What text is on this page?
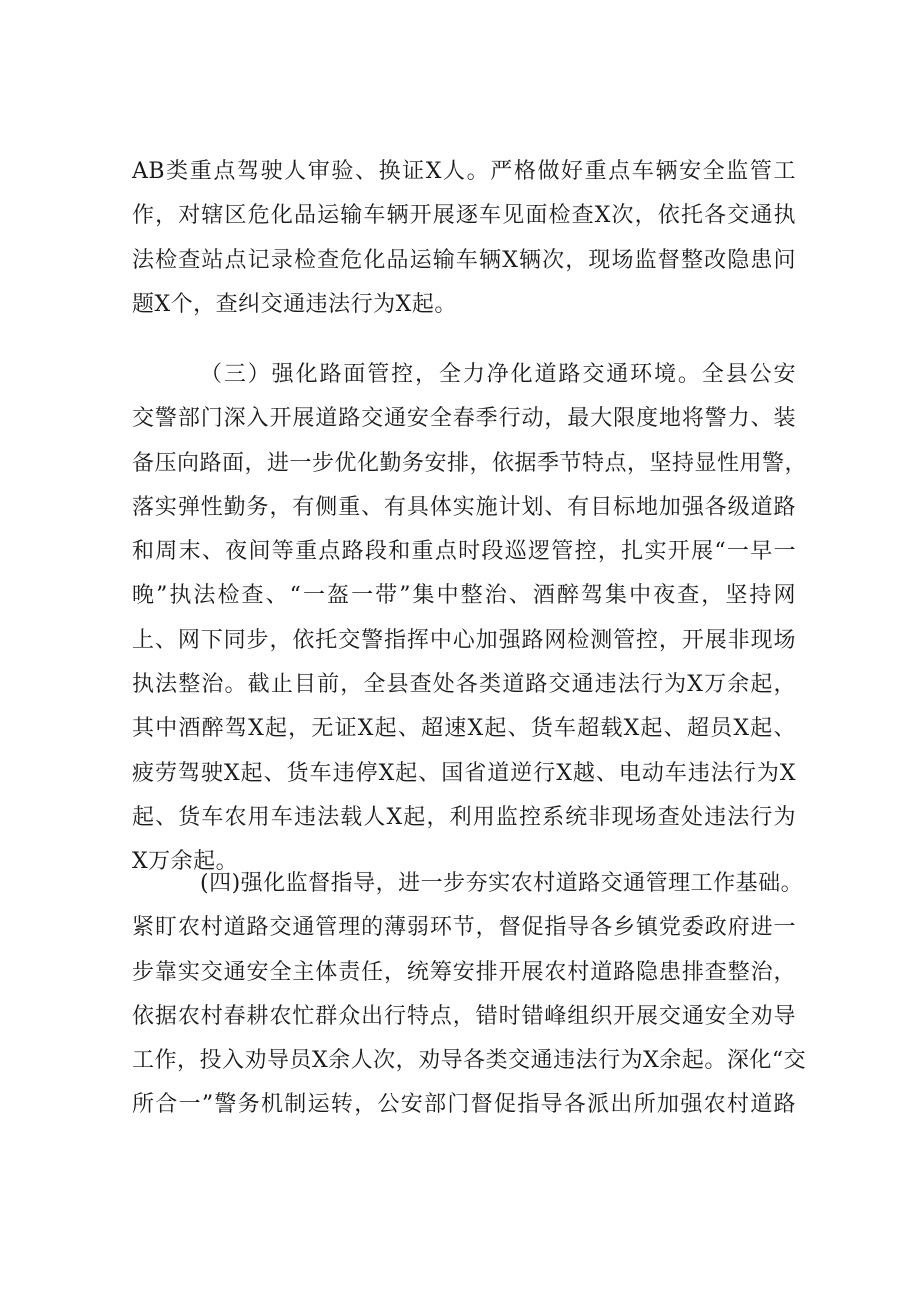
AB类重点驾驶人审验、换证X人。严格做好重点车辆安全监管工
作，对辖区危化品运输车辆开展逐车见面检查X次，依托各交通执
法检查站点记录检查危化品运输车辆X辆次，现场监督整改隐患问
题X个，查纠交通违法行为X起。
（三）强化路面管控，全力净化道路交通环境。全县公安
交警部门深入开展道路交通安全春季行动，最大限度地将警力、装
备压向路面，进一步优化勤务安排，依据季节特点，坚持显性用警，
落实弹性勤务，有侧重、有具体实施计划、有目标地加强各级道路
和周末、夜间等重点路段和重点时段巡逻管控，扎实开展“一早一
晚”执法检查、“一盔一带”集中整治、酒醉驾集中夜查，坚持网
上、网下同步，依托交警指挥中心加强路网检测管控，开展非现场
执法整治。截止目前，全县查处各类道路交通违法行为X万余起，
其中酒醉驾X起，无证X起、超速X起、货车超载X起、超员X起、
疲劳驾驶X起、货车违停X起、国省道逆行X越、电动车违法行为X
起、货车农用车违法载人X起，利用监控系统非现场查处违法行为
X万余起。
(四)强化监督指导，进一步夯实农村道路交通管理工作基础。
紧盯农村道路交通管理的薄弱环节，督促指导各乡镇党委政府进一
步靠实交通安全主体责任，统筹安排开展农村道路隐患排查整治，
依据农村春耕农忙群众出行特点，错时错峰组织开展交通安全劝导
工作，投入劝导员X余人次，劝导各类交通违法行为X余起。深化“交
所合一”警务机制运转，公安部门督促指导各派出所加强农村道路
